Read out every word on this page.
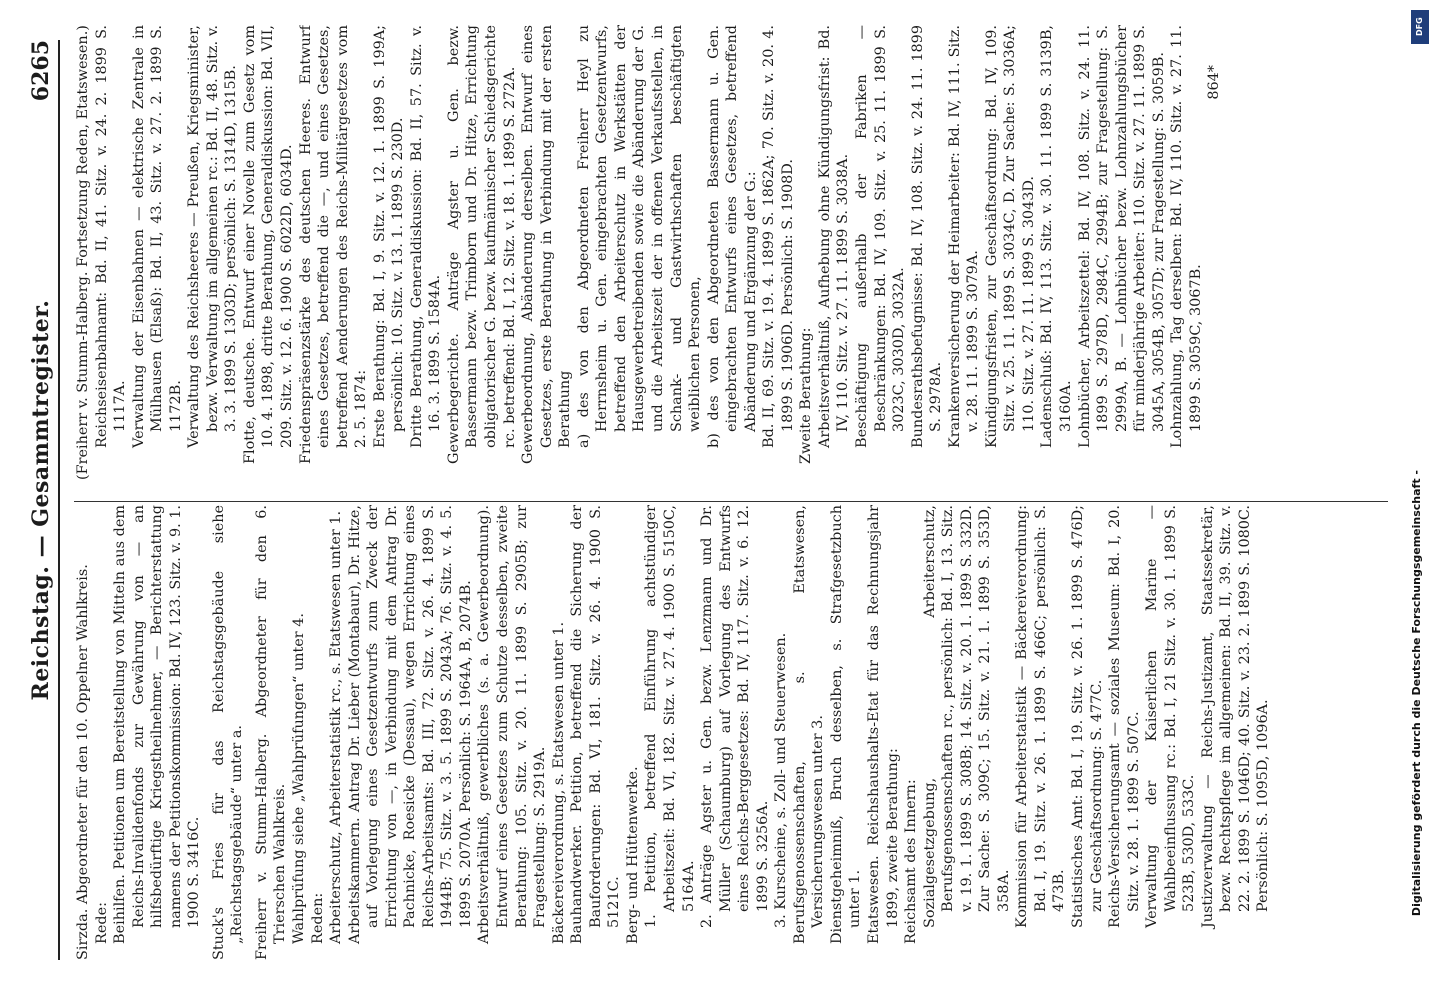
Reichstag. — Gesammtregister.
6265

Sirzda. Abgeordneter für den 10. Oppelner Wahlkreis. Rede: Beihilfen. Petitionen um Bereitstellung von Mitteln aus dem Reichs-Invalidenfonds zur Gewährung von — an hilfsbedürftige Kriegstheilnehmer, — Berichterstattung namens der Petitionskommission: Bd. IV, 123. Sitz. v. 9. 1. 1900 S. 3416C. Stuck's Fries für das Reichstagsgebäude siehe „Reichstagsgebäude“ unter a. Freiherr v. Stumm-Halberg. Abgeordneter für den 6. Trierschen Wahlkreis. Wahlprüfung siehe „Wahlprüfungen“ unter 4. Reden: Arbeiterschutz, Arbeiterstatistik rc., s. Etatswesen unter 1. Arbeitskammern. Antrag Dr. Lieber (Montabaur), Dr. Hitze, auf Vorlegung eines Gesetzentwurfs zum Zweck der Errichtung von —, in Verbindung mit dem Antrag Dr. Pachnicke, Roesicke (Dessau), wegen Errichtung eines Reichs-Arbeitsamts: Bd. III, 72. Sitz. v. 26. 4. 1899 S. 1944B; 75. Sitz. v. 3. 5. 1899 S. 2043A; 76. Sitz. v. 4. 5. 1899 S. 2070A. Persönlich: S. 1964A, B, 2074B. Arbeitsverhältniß, gewerbliches (s. a. Gewerbeordnung). Entwurf eines Gesetzes zum Schutze desselben, zweite Berathung: 105. Sitz. v. 20. 11. 1899 S. 2905B; zur Fragestellung: S. 2919A. Bäckereiverordnung, s. Etatswesen unter 1. Bauhandwerker. Petition, betreffend die Sicherung der Bauforderungen: Bd. VI, 181. Sitz. v. 26. 4. 1900 S. 5121C. Berg- und Hüttenwerke. 1. Petition, betreffend Einführung achtstündiger Arbeitszeit: Bd. VI, 182. Sitz. v. 27. 4. 1900 S. 5150C, 5164A. 2. Anträge Agster u. Gen. bezw. Lenzmann und Dr. Müller (Schaumburg) auf Vorlegung des Entwurfs eines Reichs-Berggesetzes: Bd. IV, 117. Sitz. v. 6. 12. 1899 S. 3256A. 3. Kurscheine, s. Zoll- und Steuerwesen. Berufsgenossenschaften, s. Etatswesen, Versicherungswesen unter 3. Dienstgeheimniß, Bruch desselben, s. Strafgesetzbuch unter 1. Etatswesen. Reichshaushalts-Etat für das Rechnungsjahr 1899, zweite Berathung: Reichsamt des Innern: Sozialgesetzgebung, Arbeiterschutz, Berufsgenossenschaften rc., persönlich: Bd. I, 13. Sitz. v. 19. 1. 1899 S. 308B; 14. Sitz. v. 20. 1. 1899 S. 332D. Zur Sache: S. 309C; 15. Sitz. v. 21. 1. 1899 S. 353D, 358A. Kommission für Arbeiterstatistik — Bäckereiverordnung: Bd. I, 19. Sitz. v. 26. 1. 1899 S. 466C; persönlich: S. 473B. Statistisches Amt: Bd. I, 19. Sitz. v. 26. 1. 1899 S. 476D; zur Geschäftsordnung: S. 477C. Reichs-Versicherungsamt — soziales Museum: Bd. I, 20. Sitz. v. 28. 1. 1899 S. 507C. Verwaltung der Kaiserlichen Marine — Wahlbeeinflussung rc.: Bd. I, 21 Sitz. v. 30. 1. 1899 S. 523B, 530D, 533C. Justizverwaltung — Reichs-Justizamt, Staatssekretär, bezw. Rechtspflege im allgemeinen: Bd. II, 39. Sitz. v. 22. 2. 1899 S. 1046D; 40. Sitz. v. 23. 2. 1899 S. 1080C. Persönlich: S. 1095D, 1096A.

(Freiherr v. Stumm-Halberg. Fortsetzung Reden, Etatswesen.) Reichseisenbahnamt: Bd. II, 41. Sitz. v. 24. 2. 1899 S. 1117A. Verwaltung der Eisenbahnen — elektrische Zentrale in Mülhausen (Elsaß): Bd. II, 43. Sitz. v. 27. 2. 1899 S. 1172B. Verwaltung des Reichsheeres — Preußen, Kriegsminister, bezw. Verwaltung im allgemeinen rc.: Bd. II, 48. Sitz. v. 3. 3. 1899 S. 1303D; persönlich: S. 1314D, 1315B. Flotte, deutsche. Entwurf einer Novelle zum Gesetz vom 10. 4. 1898, dritte Berathung, Generaldiskussion: Bd. VII, 209. Sitz. v. 12. 6. 1900 S. 6022D, 6034D. Friedenspräsenzstärke des deutschen Heeres. Entwurf eines Gesetzes, betreffend die —, und eines Gesetzes, betreffend Aenderungen des Reichs-Militärgesetzes vom 2. 5. 1874: Erste Berathung: Bd. I, 9. Sitz. v. 12. 1. 1899 S. 199A; persönlich: 10. Sitz. v. 13. 1. 1899 S. 230D. Dritte Berathung, Generaldiskussion: Bd. II, 57. Sitz. v. 16. 3. 1899 S. 1584A. Gewerbegerichte. Anträge Agster u. Gen. bezw. Bassermann bezw. Trimborn und Dr. Hitze, Errichtung obligatorischer G. bezw. kaufmännischer Schiedsgerichte rc. betreffend: Bd. I, 12. Sitz. v. 18. 1. 1899 S. 272A. Gewerbeordnung, Abänderung derselben. Entwurf eines Gesetzes, erste Berathung in Verbindung mit der ersten Berathung a) des von den Abgeordneten Freiherr Heyl zu Herrnsheim u. Gen. eingebrachten Gesetzentwurfs, betreffend den Arbeiterschutz in Werkstätten der Hausgewerbetreibenden sowie die Abänderung der G. und die Arbeitszeit der in offenen Verkaufsstellen, in Schank- und Gastwirthschaften beschäftigten weiblichen Personen, b) des von den Abgeordneten Bassermann u. Gen. eingebrachten Entwurfs eines Gesetzes, betreffend Abänderung und Ergänzung der G.: Bd. II, 69. Sitz. v. 19. 4. 1899 S. 1862A; 70. Sitz. v. 20. 4. 1899 S. 1906D. Persönlich: S. 1908D. Zweite Berathung: Arbeitsverhältniß, Aufhebung ohne Kündigungsfrist: Bd. IV, 110. Sitz. v. 27. 11. 1899 S. 3038A. Beschäftigung außerhalb der Fabriken — Beschränkungen: Bd. IV, 109. Sitz. v. 25. 11. 1899 S. 3023C, 3030D, 3032A. Bundesrathsbefugnisse: Bd. IV, 108. Sitz. v. 24. 11. 1899 S. 2978A. Krankenversicherung der Heimarbeiter: Bd. IV, 111. Sitz. v. 28. 11. 1899 S. 3079A. Kündigungsfristen, zur Geschäftsordnung: Bd. IV, 109. Sitz. v. 25. 11. 1899 S. 3034C, D. Zur Sache: S. 3036A; 110. Sitz. v. 27. 11. 1899 S. 3043D. Ladenschluß: Bd. IV, 113. Sitz. v. 30. 11. 1899 S. 3139B, 3160A. Lohnbücher, Arbeitszettel: Bd. IV, 108. Sitz. v. 24. 11. 1899 S. 2978D, 2984C, 2994B; zur Fragestellung: S. 2999A, B. — Lohnbücher bezw. Lohnzahlungsbücher für minderjährige Arbeiter: 110. Sitz. v. 27. 11. 1899 S. 3045A, 3054B, 3057D; zur Fragestellung: S. 3059B. Lohnzahlung, Tag derselben: Bd. IV, 110. Sitz. v. 27. 11. 1899 S. 3059C, 3067B.

864*

DFG
Digitalisierung gefördert durch die Deutsche Forschungsgemeinschaft -
